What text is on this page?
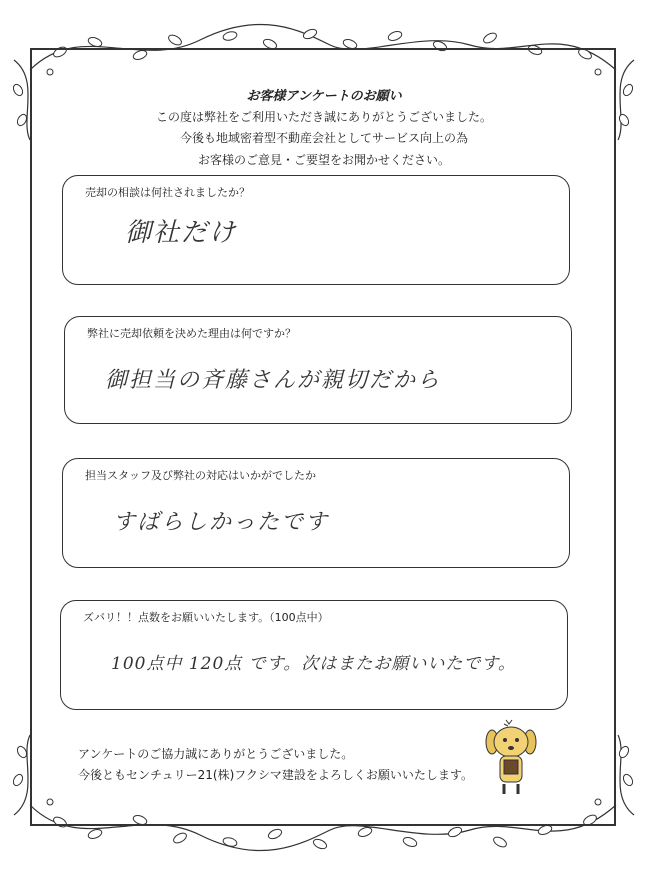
お客様アンケートのお願い
この度は弊社をご利用いただき誠にありがとうございました。
今後も地域密着型不動産会社としてサービス向上の為
お客様のご意見・ご要望をお聞かせください。
売却の相談は何社されましたか？
御社だけ
弊社に売却依頼を決めた理由は何ですか？
御担当の斉藤さんが親切だから
担当スタッフ及び弊社の対応はいかがでしたか
すばらしかったです
ズバリ！！点数をお願いいたします。（100点中）
100点中 120点 です。次はまたお願いいたです。
アンケートのご協力誠にありがとうございました。
今後ともセンチュリー21(株)フクシマ建設をよろしくお願いいたします。
